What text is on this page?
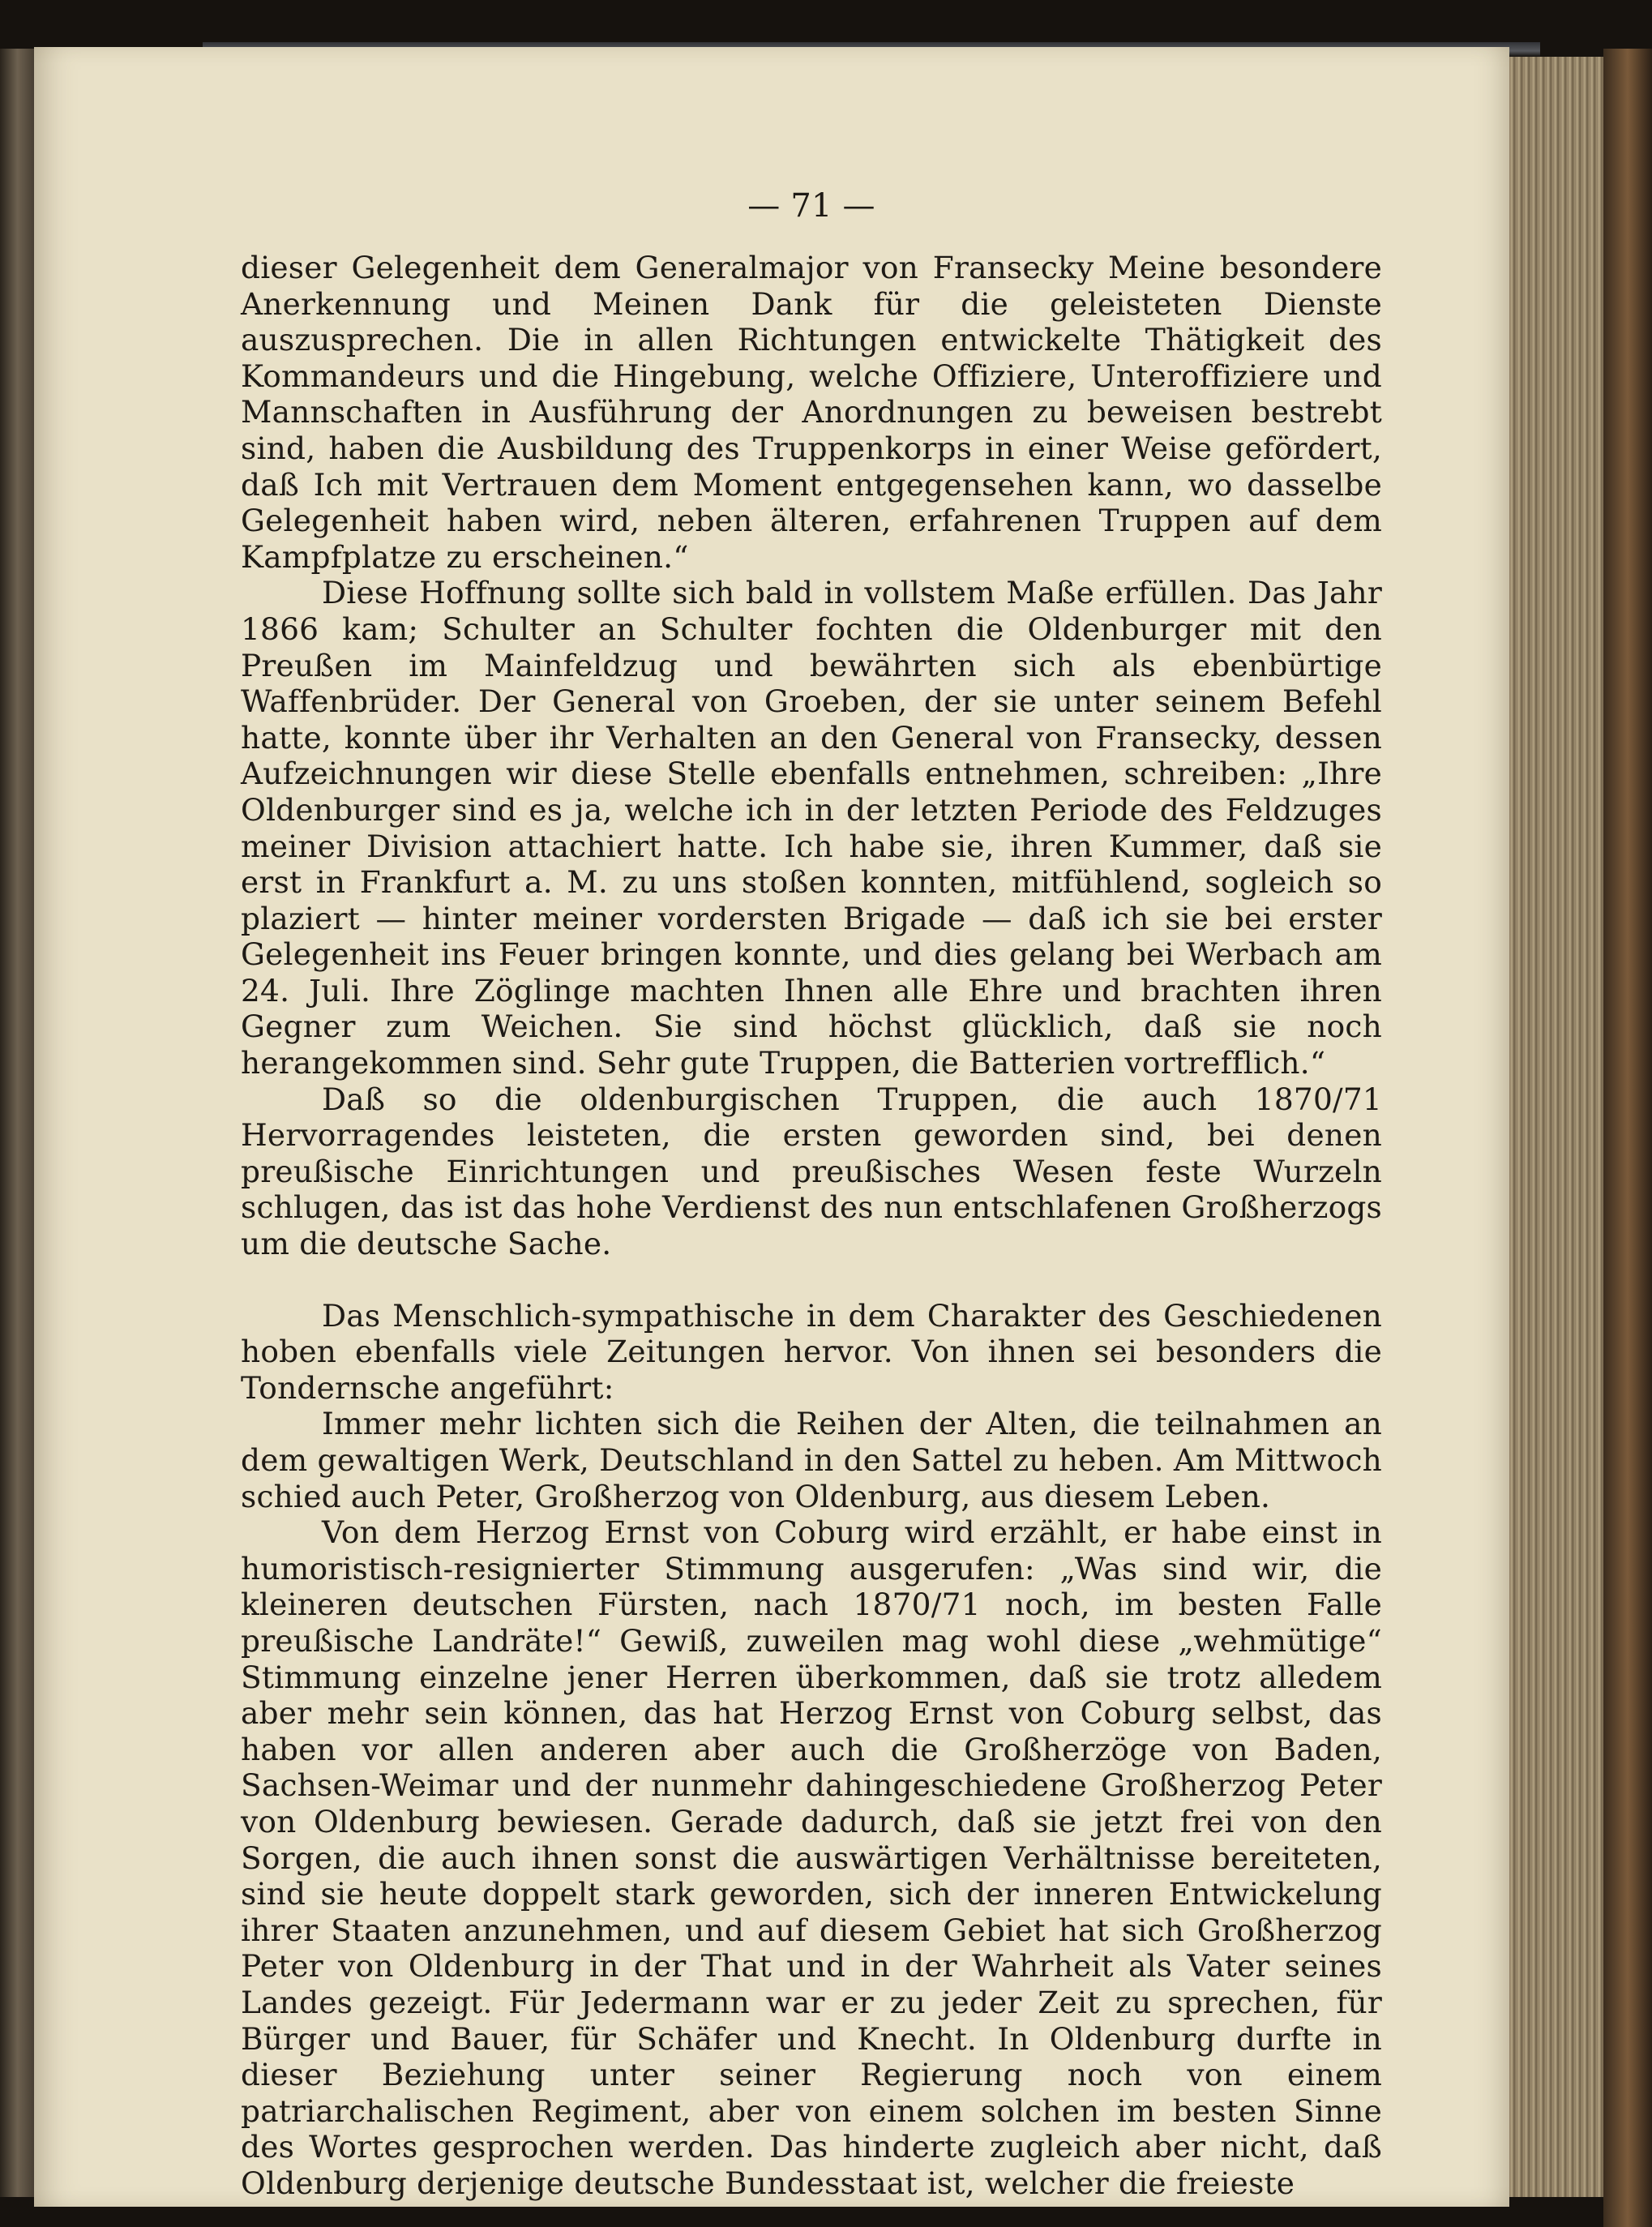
— 71 —

dieser Gelegenheit dem Generalmajor von Fransecky Meine besondere Anerkennung und Meinen Dank für die geleisteten Dienste auszusprechen. Die in allen Richtungen entwickelte Thätigkeit des Kommandeurs und die Hingebung, welche Offiziere, Unteroffiziere und Mannschaften in Ausführung der Anordnungen zu beweisen bestrebt sind, haben die Ausbildung des Truppenkorps in einer Weise gefördert, daß Ich mit Vertrauen dem Moment entgegensehen kann, wo dasselbe Gelegenheit haben wird, neben älteren, erfahrenen Truppen auf dem Kampfplatze zu erscheinen.“

Diese Hoffnung sollte sich bald in vollstem Maße erfüllen. Das Jahr 1866 kam; Schulter an Schulter fochten die Oldenburger mit den Preußen im Mainfeldzug und bewährten sich als ebenbürtige Waffenbrüder. Der General von Groeben, der sie unter seinem Befehl hatte, konnte über ihr Verhalten an den General von Fransecky, dessen Aufzeichnungen wir diese Stelle ebenfalls entnehmen, schreiben: „Ihre Oldenburger sind es ja, welche ich in der letzten Periode des Feldzuges meiner Division attachiert hatte. Ich habe sie, ihren Kummer, daß sie erst in Frankfurt a. M. zu uns stoßen konnten, mitfühlend, sogleich so plaziert — hinter meiner vordersten Brigade — daß ich sie bei erster Gelegenheit ins Feuer bringen konnte, und dies gelang bei Werbach am 24. Juli. Ihre Zöglinge machten Ihnen alle Ehre und brachten ihren Gegner zum Weichen. Sie sind höchst glücklich, daß sie noch herangekommen sind. Sehr gute Truppen, die Batterien vortrefflich.“

Daß so die oldenburgischen Truppen, die auch 1870/71 Hervorragendes leisteten, die ersten geworden sind, bei denen preußische Einrichtungen und preußisches Wesen feste Wurzeln schlugen, das ist das hohe Verdienst des nun entschlafenen Großherzogs um die deutsche Sache.

Das Menschlich-sympathische in dem Charakter des Geschiedenen hoben ebenfalls viele Zeitungen hervor. Von ihnen sei besonders die Tondernsche angeführt:

Immer mehr lichten sich die Reihen der Alten, die teilnahmen an dem gewaltigen Werk, Deutschland in den Sattel zu heben. Am Mittwoch schied auch Peter, Großherzog von Oldenburg, aus diesem Leben.

Von dem Herzog Ernst von Coburg wird erzählt, er habe einst in humoristisch-resignierter Stimmung ausgerufen: „Was sind wir, die kleineren deutschen Fürsten, nach 1870/71 noch, im besten Falle preußische Landräte!“ Gewiß, zuweilen mag wohl diese „wehmütige“ Stimmung einzelne jener Herren überkommen, daß sie trotz alledem aber mehr sein können, das hat Herzog Ernst von Coburg selbst, das haben vor allen anderen aber auch die Großherzöge von Baden, Sachsen-Weimar und der nunmehr dahingeschiedene Großherzog Peter von Oldenburg bewiesen. Gerade dadurch, daß sie jetzt frei von den Sorgen, die auch ihnen sonst die auswärtigen Verhältnisse bereiteten, sind sie heute doppelt stark geworden, sich der inneren Entwickelung ihrer Staaten anzunehmen, und auf diesem Gebiet hat sich Großherzog Peter von Oldenburg in der That und in der Wahrheit als Vater seines Landes gezeigt. Für Jedermann war er zu jeder Zeit zu sprechen, für Bürger und Bauer, für Schäfer und Knecht. In Oldenburg durfte in dieser Beziehung unter seiner Regierung noch von einem patriarchalischen Regiment, aber von einem solchen im besten Sinne des Wortes gesprochen werden. Das hinderte zugleich aber nicht, daß Oldenburg derjenige deutsche Bundesstaat ist, welcher die freieste
